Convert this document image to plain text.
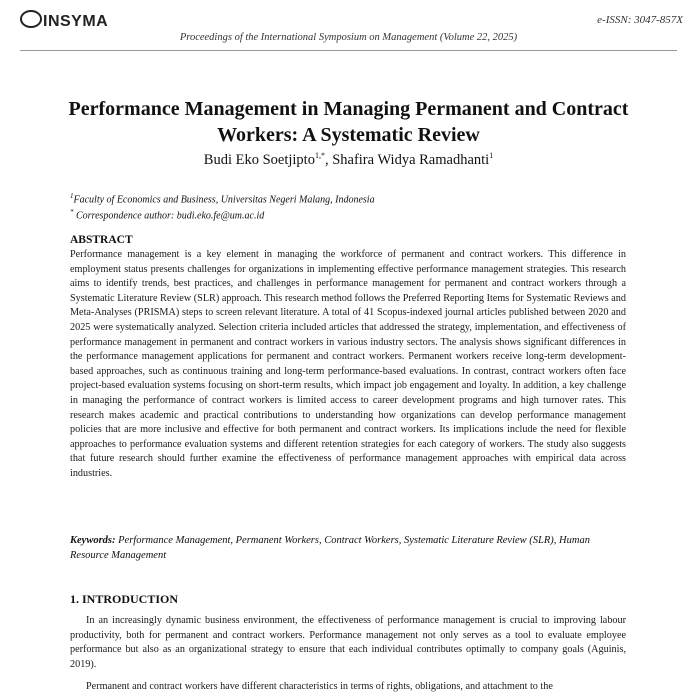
INSYMA	e-ISSN: 3047-857X
Proceedings of the International Symposium on Management (Volume 22, 2025)
Performance Management in Managing Permanent and Contract Workers: A Systematic Review
Budi Eko Soetjipto$^{1,*}$, Shafira Widya Ramadhanti$^1$
$^1$Faculty of Economics and Business, Universitas Negeri Malang, Indonesia
* Correspondence author: budi.eko.fe@um.ac.id
ABSTRACT
Performance management is a key element in managing the workforce of permanent and contract workers. This difference in employment status presents challenges for organizations in implementing effective performance management strategies. This research aims to identify trends, best practices, and challenges in performance management for permanent and contract workers through a Systematic Literature Review (SLR) approach. This research method follows the Preferred Reporting Items for Systematic Reviews and Meta-Analyses (PRISMA) steps to screen relevant literature. A total of 41 Scopus-indexed journal articles published between 2020 and 2025 were systematically analyzed. Selection criteria included articles that addressed the strategy, implementation, and effectiveness of performance management in permanent and contract workers in various industry sectors. The analysis shows significant differences in the performance management applications for permanent and contract workers. Permanent workers receive long-term development-based approaches, such as continuous training and long-term performance-based evaluations. In contrast, contract workers often face project-based evaluation systems focusing on short-term results, which impact job engagement and loyalty. In addition, a key challenge in managing the performance of contract workers is limited access to career development programs and high turnover rates. This research makes academic and practical contributions to understanding how organizations can develop performance management policies that are more inclusive and effective for both permanent and contract workers. Its implications include the need for flexible approaches to performance evaluation systems and different retention strategies for each category of workers. The study also suggests that future research should further examine the effectiveness of performance management approaches with empirical data across industries.
Keywords: Performance Management, Permanent Workers, Contract Workers, Systematic Literature Review (SLR), Human Resource Management
1. INTRODUCTION
In an increasingly dynamic business environment, the effectiveness of performance management is crucial to improving labour productivity, both for permanent and contract workers. Performance management not only serves as a tool to evaluate employee performance but also as an organizational strategy to ensure that each individual contributes optimally to company goals (Aguinis, 2019).
Permanent and contract workers have different characteristics in terms of rights, obligations, and attachment to the
